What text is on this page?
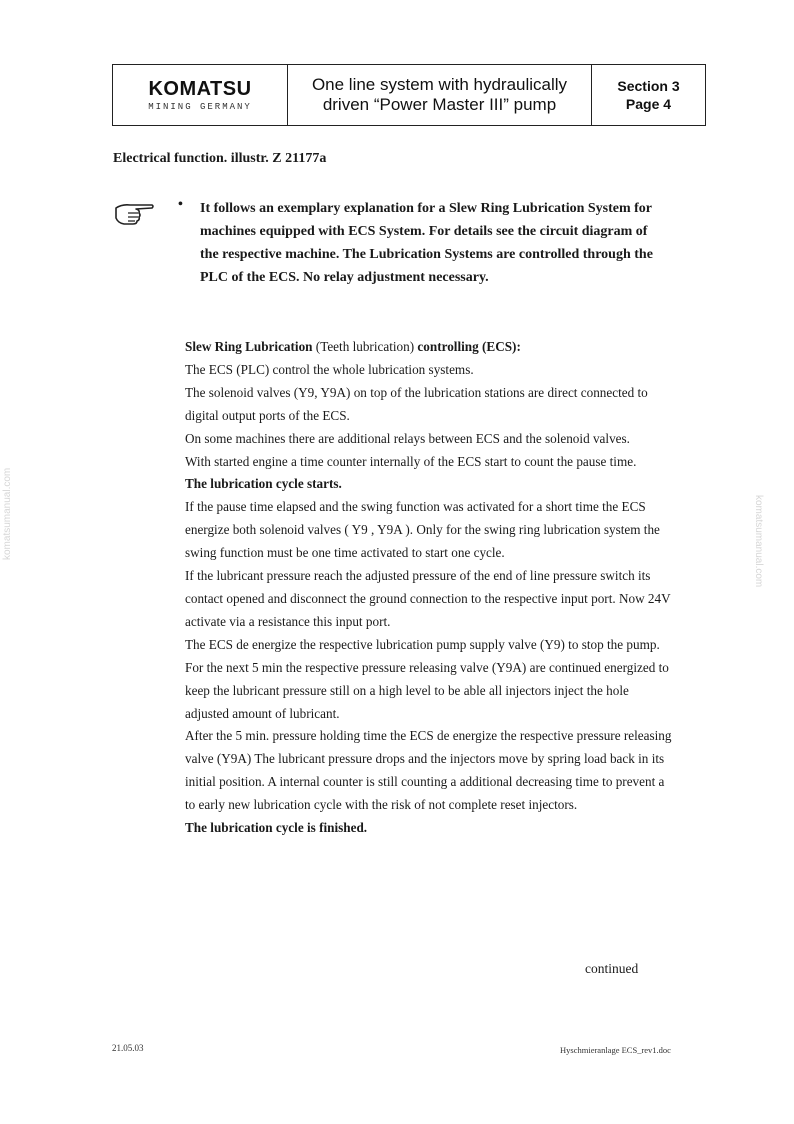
KOMATSU
MINING GERMANY
One line system with hydraulically
driven “Power Master III” pump
Section 3
Page 4
Electrical function. illustr. Z 21177a
• It follows an exemplary explanation for a Slew Ring Lubrication System for machines equipped with ECS System. For details see the circuit diagram of the respective machine. The Lubrication Systems are controlled through the PLC of the ECS. No relay adjustment necessary.

Slew Ring Lubrication (Teeth lubrication) controlling (ECS):

The ECS (PLC) control the whole lubrication systems.

The solenoid valves (Y9, Y9A) on top of the lubrication stations are direct connected to digital output ports of the ECS.

On some machines there are additional relays between ECS and the solenoid valves.

With started engine a time counter internally of the ECS start to count the pause time.

The lubrication cycle starts.

If the pause time elapsed and the swing function was activated for a short time the ECS energize both solenoid valves ( Y9 , Y9A ). Only for the swing ring lubrication system the swing function must be one time activated to start one cycle.

If the lubricant pressure reach the adjusted pressure of the end of line pressure switch its contact opened and disconnect the ground connection to the respective input port. Now 24V activate via a resistance this input port.

The ECS de energize the respective lubrication pump supply valve (Y9) to stop the pump. For the next 5 min the respective pressure releasing valve (Y9A) are continued energized to keep the lubricant pressure still on a high level to be able all injectors inject the hole adjusted amount of lubricant.

After the 5 min. pressure holding time the ECS de energize the respective pressure releasing valve (Y9A) The lubricant pressure drops and the injectors move by spring load back in its initial position. A internal counter is still counting a additional decreasing time to prevent a to early new lubrication cycle with the risk of not complete reset injectors.

The lubrication cycle is finished.

continued
21.05.03	Hyschmieranlage ECS_rev1.doc
komatsumanual.com	komatsumanual.com
